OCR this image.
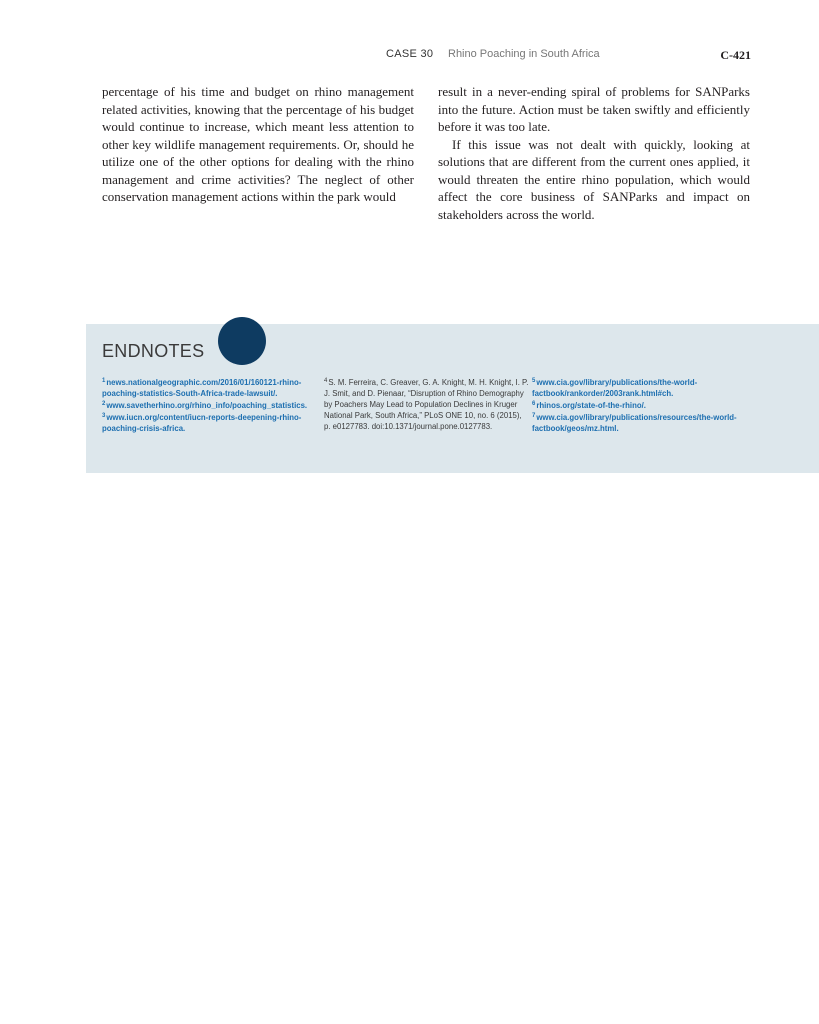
CASE 30 Rhino Poaching in South Africa	C-421

percentage of his time and budget on rhino management related activities, knowing that the percentage of his budget would continue to increase, which meant less attention to other key wildlife management requirements. Or, should he utilize one of the other options for dealing with the rhino management and crime activities? The neglect of other conservation management actions within the park would

result in a never-ending spiral of problems for SANParks into the future. Action must be taken swiftly and efficiently before it was too late.

If this issue was not dealt with quickly, looking at solutions that are different from the current ones applied, it would threaten the entire rhino population, which would affect the core business of SANParks and impact on stakeholders across the world.

ENDNOTES

$^1$news.nationalgeographic.com/2016/01/160121-rhino-poaching-statistics-South-Africa-trade-lawsuit/.

$^2$www.savetherhino.org/rhino_info/poaching_statistics.

$^3$www.iucn.org/content/iucn-reports-deepening-rhino-poaching-crisis-africa.

$^4$S. M. Ferreira, C. Greaver, G. A. Knight, M. H. Knight, I. P. J. Smit, and D. Pienaar, “Disruption of Rhino Demography by Poachers May Lead to Population Declines in Kruger National Park, South Africa,” PLoS ONE 10, no. 6 (2015), p. e0127783. doi:10.1371/journal.pone.0127783.

$^5$www.cia.gov/library/publications/the-world-factbook/rankorder/2003rank.html#ch.

$^6$rhinos.org/state-of-the-rhino/.

$^7$www.cia.gov/library/publications/resources/the-world-factbook/geos/mz.html.
